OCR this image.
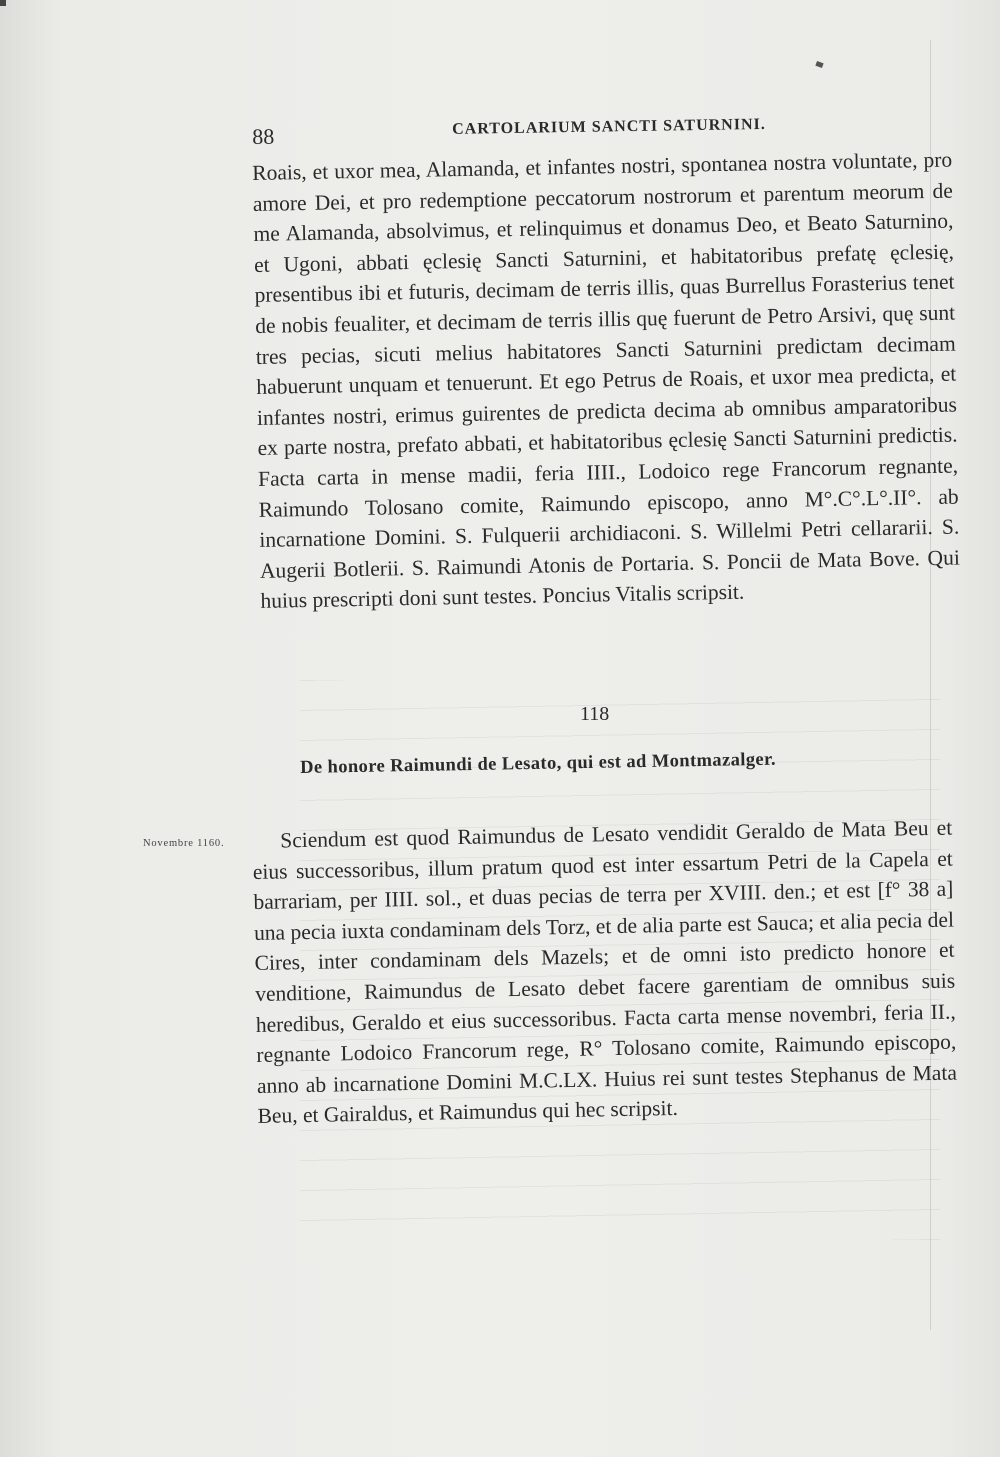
88	CARTOLARIUM SANCTI SATURNINI.

Roais, et uxor mea, Alamanda, et infantes nostri, spontanea nostra voluntate, pro amore Dei, et pro redemptione peccatorum nostrorum et parentum meorum de me Alamanda, absolvimus, et relinquimus et donamus Deo, et Beato Saturnino, et Ugoni, abbati ęclesię Sancti Saturnini, et habitatoribus prefatę ęclesię, presentibus ibi et futuris, decimam de terris illis, quas Burrellus Forasterius tenet de nobis feualiter, et decimam de terris illis quę fuerunt de Petro Arsivi, quę sunt tres pecias, sicuti melius habitatores Sancti Saturnini predictam decimam habuerunt unquam et tenuerunt. Et ego Petrus de Roais, et uxor mea predicta, et infantes nostri, erimus guirentes de predicta decima ab omnibus amparatoribus ex parte nostra, prefato abbati, et habitatoribus ęclesię Sancti Saturnini predictis. Facta carta in mense madii, feria IIII., Lodoico rege Francorum regnante, Raimundo Tolosano comite, Raimundo episcopo, anno M°.C°.L°.II°. ab incarnatione Domini. S. Fulquerii archidiaconi. S. Willelmi Petri cellararii. S. Augerii Botlerii. S. Raimundi Atonis de Portaria. S. Poncii de Mata Bove. Qui huius prescripti doni sunt testes. Poncius Vitalis scripsit.

118
De honore Raimundi de Lesato, qui est ad Montmazalger.
Novembre 1160.	Sciendum est quod Raimundus de Lesato vendidit Geraldo de Mata Beu et eius successoribus, illum pratum quod est inter essartum Petri de la Capela et barrariam, per IIII. sol., et duas pecias de terra per XVIII. den.; et est [f° 38 a] una pecia iuxta condaminam dels Torz, et de alia parte est Sauca; et alia pecia del Cires, inter condaminam dels Mazels; et de omni isto predicto honore et venditione, Raimundus de Lesato debet facere garentiam de omnibus suis heredibus, Geraldo et eius successoribus. Facta carta mense novembri, feria II., regnante Lodoico Francorum rege, R° Tolosano comite, Raimundo episcopo, anno ab incarnatione Domini M.C.LX. Huius rei sunt testes Stephanus de Mata Beu, et Gairaldus, et Raimundus qui hec scripsit.
